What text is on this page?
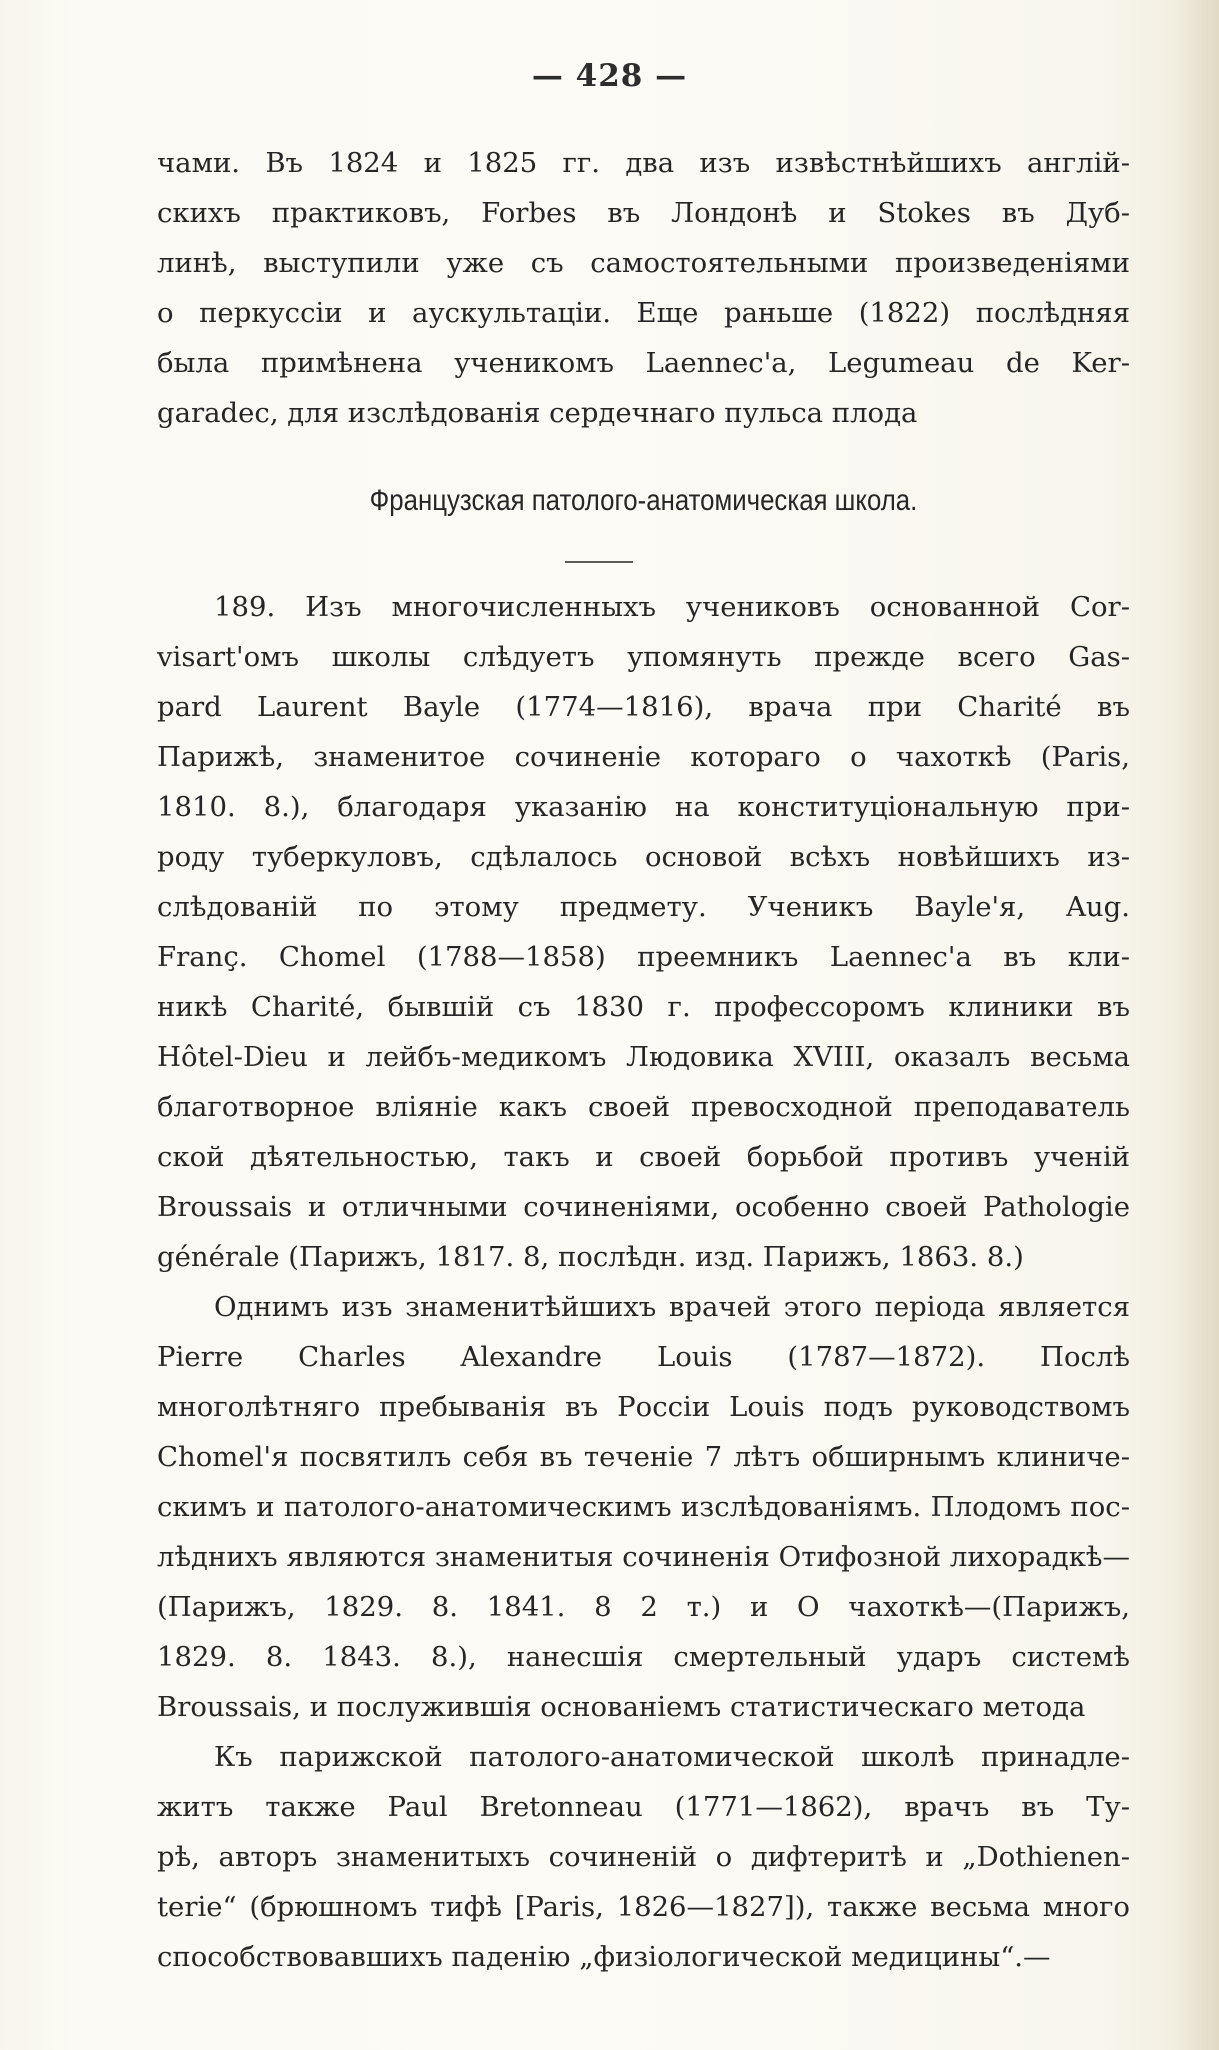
— 428 —
чами. Въ 1824 и 1825 гг. два изъ извѣстнѣйшихъ англій-
скихъ практиковъ, Forbes въ Лондонѣ и Stokes въ Дуб-
линѣ, выступили уже съ самостоятельными произведеніями
о перкуссіи и аускультаціи. Еще раньше (1822) послѣдняя
была примѣнена ученикомъ Laennec'a, Legumeau de Ker-
garadec, для изслѣдованія сердечнаго пульса плода
Французская патолого-анатомическая школа.
189. Изъ многочисленныхъ учениковъ основанной Cor-
visart'омъ школы слѣдуетъ упомянуть прежде всего Gas-
pard Laurent Bayle (1774—1816), врача при Charité въ
Парижѣ, знаменитое сочиненіе котораго о чахоткѣ (Paris,
1810. 8.), благодаря указанію на конституціональную при-
роду туберкуловъ, сдѣлалось основой всѣхъ новѣйшихъ из-
слѣдованій по этому предмету. Ученикъ Bayle'я, Aug.
Franç. Chomel (1788—1858) преемникъ Laennec'a въ кли-
никѣ Charité, бывшій съ 1830 г. профессоромъ клиники въ
Hôtel-Dieu и лейбъ-медикомъ Людовика XVIII, оказалъ весьма
благотворное вліяніе какъ своей превосходной преподаватель
ской дѣятельностью, такъ и своей борьбой противъ ученій
Broussais и отличными сочиненіями, особенно своей Pathologie
générale (Парижъ, 1817. 8, послѣдн. изд. Парижъ, 1863. 8.)
Однимъ изъ знаменитѣйшихъ врачей этого періода является
Pierre Charles Alexandre Louis (1787—1872). Послѣ
многолѣтняго пребыванія въ Россіи Louis подъ руководствомъ
Chomel'я посвятилъ себя въ теченіе 7 лѣтъ обширнымъ клиниче-
скимъ и патолого-анатомическимъ изслѣдованіямъ. Плодомъ пос-
лѣднихъ являются знаменитыя сочиненія Отифозной лихорадкѣ—
(Парижъ, 1829. 8. 1841. 8 2 т.) и О чахоткѣ—(Парижъ,
1829. 8. 1843. 8.), нанесшія смертельный ударъ системѣ
Broussais, и послужившія основаніемъ статистическаго метода
Къ парижской патолого-анатомической школѣ принадле-
житъ также Paul Bretonneau (1771—1862), врачъ въ Ту-
рѣ, авторъ знаменитыхъ сочиненій о дифтеритѣ и „Dothienen-
terie“ (брюшномъ тифѣ [Paris, 1826—1827]), также весьма много
способствовавшихъ паденію „физіологической медицины“.—
